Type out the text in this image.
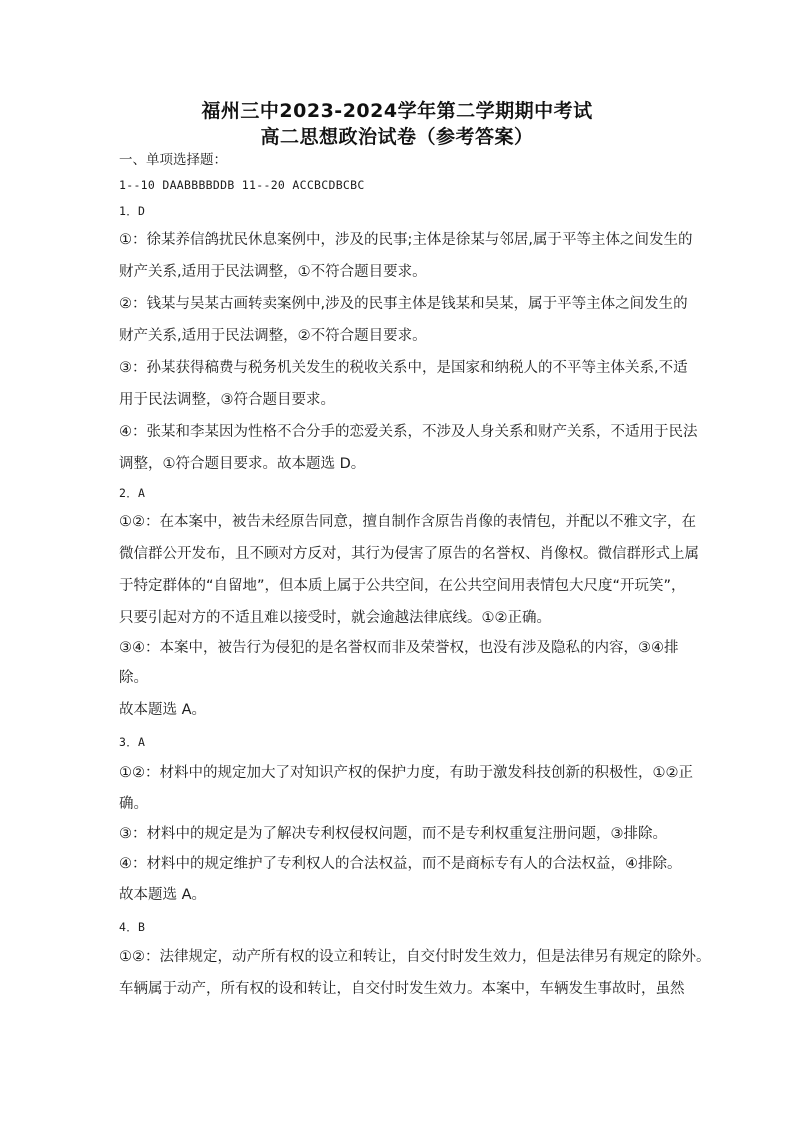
福州三中2023-2024学年第二学期期中考试
高二思想政治试卷（参考答案）
一、单项选择题：
1--10 DAABBBBDDB 11--20 ACCBCDBCBC
1．D
①：徐某养信鸽扰民休息案例中，涉及的民事;主体是徐某与邻居,属于平等主体之间发生的
财产关系,适用于民法调整，①不符合题目要求。
②：钱某与吴某古画转卖案例中,涉及的民事主体是钱某和吴某，属于平等主体之间发生的
财产关系,适用于民法调整，②不符合题目要求。
③：孙某获得稿费与税务机关发生的税收关系中，是国家和纳税人的不平等主体关系,不适
用于民法调整，③符合题目要求。
④：张某和李某因为性格不合分手的恋爱关系，不涉及人身关系和财产关系，不适用于民法
调整，①符合题目要求。故本题选 D。
2．A
①②：在本案中，被告未经原告同意，擅自制作含原告肖像的表情包，并配以不雅文字，在
微信群公开发布，且不顾对方反对，其行为侵害了原告的名誉权、肖像权。微信群形式上属
于特定群体的“自留地”，但本质上属于公共空间，在公共空间用表情包大尺度“开玩笑”，
只要引起对方的不适且难以接受时，就会逾越法律底线。①②正确。
③④：本案中，被告行为侵犯的是名誉权而非及荣誉权，也没有涉及隐私的内容，③④排
除。
故本题选 A。
3．A
①②：材料中的规定加大了对知识产权的保护力度，有助于激发科技创新的积极性，①②正
确。
③：材料中的规定是为了解决专利权侵权问题，而不是专利权重复注册问题，③排除。
④：材料中的规定维护了专利权人的合法权益，而不是商标专有人的合法权益，④排除。
故本题选 A。
4．B
①②：法律规定，动产所有权的设立和转让，自交付时发生效力，但是法律另有规定的除外。
车辆属于动产，所有权的设和转让，自交付时发生效力。本案中，车辆发生事故时，虽然
